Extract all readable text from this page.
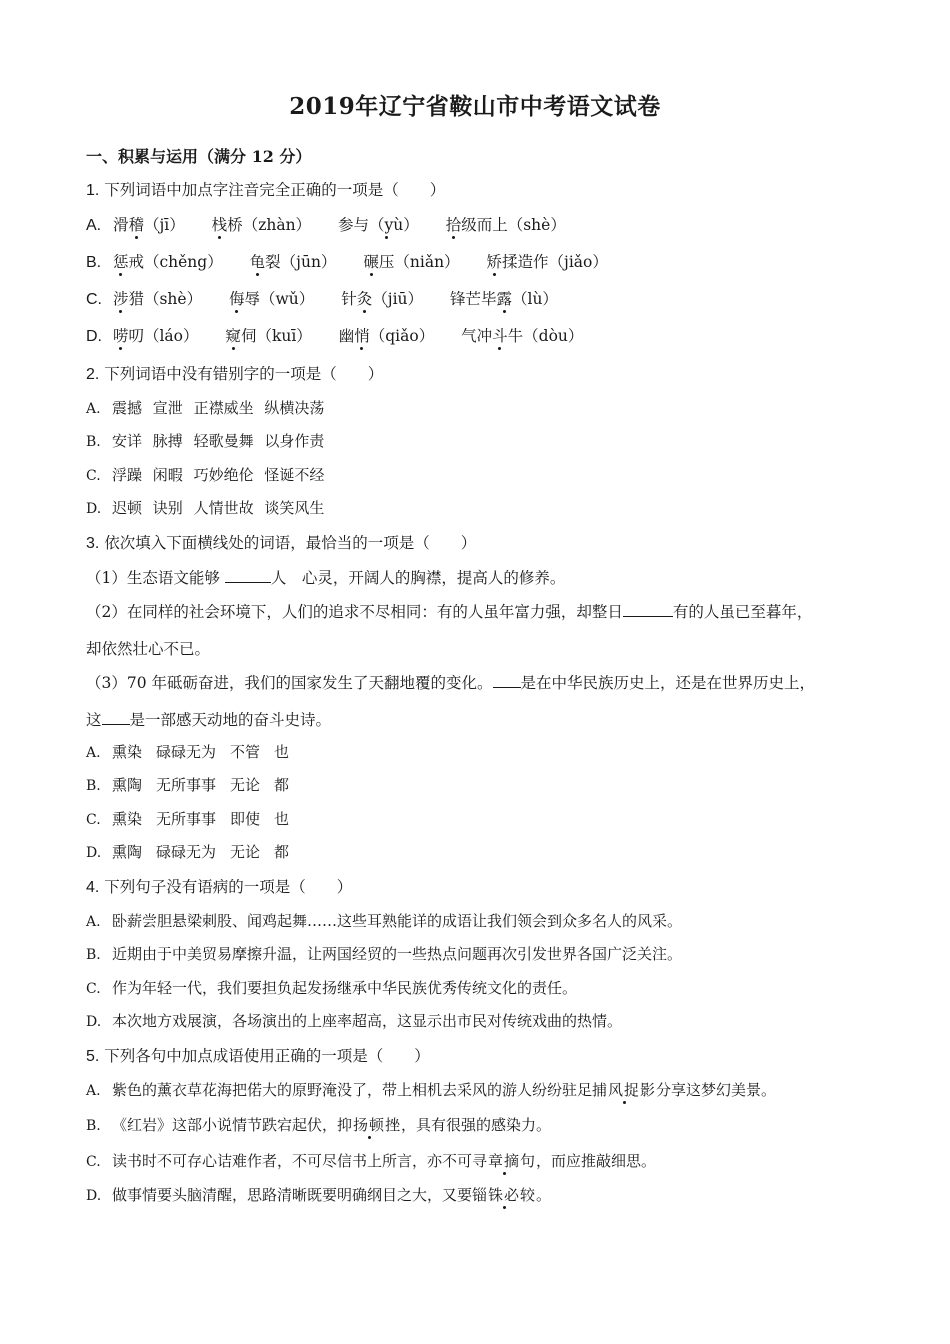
2019年辽宁省鞍山市中考语文试卷
一、积累与运用（满分 12 分）
1. 下列词语中加点字注音完全正确的一项是（　　）
A. 滑稽（jī） 栈桥（zhàn） 参与（yù） 拾级而上（shè）
B. 惩戒（chěng） 龟裂（jūn） 碾压（niǎn） 矫揉造作（jiǎo）
C. 涉猎（shè） 侮辱（wǔ） 针灸（jiū） 锋芒毕露（lù）
D. 唠叨（láo） 窥伺（kuī） 幽悄（qiǎo） 气冲斗牛（dòu）
2. 下列词语中没有错别字的一项是（　　）
A. 震撼 宣泄 正襟威坐 纵横决荡
B. 安详 脉搏 轻歌曼舞 以身作责
C. 浮躁 闲暇 巧妙绝伦 怪诞不经
D. 迟顿 诀别 人情世故 谈笑风生
3. 依次填入下面横线处的词语，最恰当的一项是（　　）
（1）生态语文能够	人　心灵，开阔人的胸襟，提高人的修养。
（2）在同样的社会环境下，人们的追求不尽相同：有的人虽年富力强，却整日	有的人虽已至暮年，
却依然壮心不已。
（3）70 年砥砺奋进，我们的国家发生了天翻地覆的变化。 是在中华民族历史上，还是在世界历史上，
这 是一部感天动地的奋斗史诗。
A. 熏染 碌碌无为 不管 也
B. 熏陶 无所事事 无论 都
C. 熏染 无所事事 即使 也
D. 熏陶 碌碌无为 无论 都
4. 下列句子没有语病的一项是（　　）
A. 卧薪尝胆悬梁刺股、闻鸡起舞……这些耳熟能详的成语让我们领会到众多名人的风采。
B. 近期由于中美贸易摩擦升温，让两国经贸的一些热点问题再次引发世界各国广泛关注。
C. 作为年轻一代，我们要担负起发扬继承中华民族优秀传统文化的责任。
D. 本次地方戏展演，各场演出的上座率超高，这显示出市民对传统戏曲的热情。
5. 下列各句中加点成语使用正确的一项是（　　）
A. 紫色的薰衣草花海把偌大的原野淹没了，带上相机去采风的游人纷纷驻足捕风捉影分享这梦幻美景。
B. 《红岩》这部小说情节跌宕起伏，抑扬顿挫，具有很强的感染力。
C. 读书时不可存心诘难作者，不可尽信书上所言，亦不可寻章摘句，而应推敲细思。
D. 做事情要头脑清醒，思路清晰既要明确纲目之大，又要锱铢必较。
